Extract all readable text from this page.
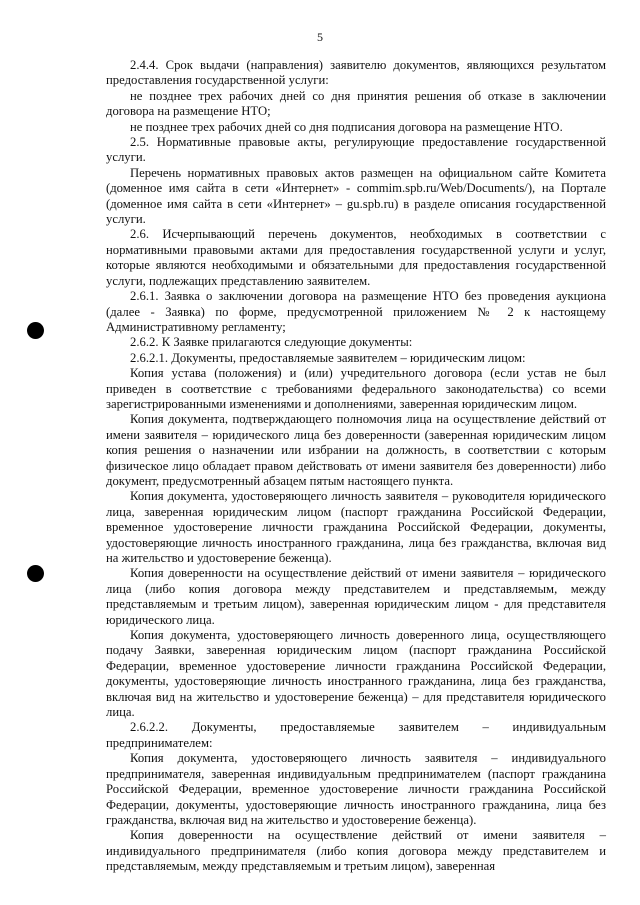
5

2.4.4. Срок выдачи (направления) заявителю документов, являющихся результатом предоставления государственной услуги:

не позднее трех рабочих дней со дня принятия решения об отказе в заключении договора на размещение НТО;

не позднее трех рабочих дней со дня подписания договора на размещение НТО.

2.5. Нормативные правовые акты, регулирующие предоставление государственной услуги.

Перечень нормативных правовых актов размещен на официальном сайте Комитета (доменное имя сайта в сети «Интернет» - commim.spb.ru/Web/Documents/), на Портале (доменное имя сайта в сети «Интернет» – gu.spb.ru) в разделе описания государственной услуги.

2.6. Исчерпывающий перечень документов, необходимых в соответствии с нормативными правовыми актами для предоставления государственной услуги и услуг, которые являются необходимыми и обязательными для предоставления государственной услуги, подлежащих представлению заявителем.

2.6.1. Заявка о заключении договора на размещение НТО без проведения аукциона (далее - Заявка) по форме, предусмотренной приложением № 2 к настоящему Административному регламенту;

2.6.2. К Заявке прилагаются следующие документы:

2.6.2.1. Документы, предоставляемые заявителем – юридическим лицом:

Копия устава (положения) и (или) учредительного договора (если устав не был приведен в соответствие с требованиями федерального законодательства) со всеми зарегистрированными изменениями и дополнениями, заверенная юридическим лицом.

Копия документа, подтверждающего полномочия лица на осуществление действий от имени заявителя – юридического лица без доверенности (заверенная юридическим лицом копия решения о назначении или избрании на должность, в соответствии с которым физическое лицо обладает правом действовать от имени заявителя без доверенности) либо документ, предусмотренный абзацем пятым настоящего пункта.

Копия документа, удостоверяющего личность заявителя – руководителя юридического лица, заверенная юридическим лицом (паспорт гражданина Российской Федерации, временное удостоверение личности гражданина Российской Федерации, документы, удостоверяющие личность иностранного гражданина, лица без гражданства, включая вид на жительство и удостоверение беженца).

Копия доверенности на осуществление действий от имени заявителя – юридического лица (либо копия договора между представителем и представляемым, между представляемым и третьим лицом), заверенная юридическим лицом - для представителя юридического лица.

Копия документа, удостоверяющего личность доверенного лица, осуществляющего подачу Заявки, заверенная юридическим лицом (паспорт гражданина Российской Федерации, временное удостоверение личности гражданина Российской Федерации, документы, удостоверяющие личность иностранного гражданина, лица без гражданства, включая вид на жительство и удостоверение беженца) – для представителя юридического лица.

2.6.2.2. Документы, предоставляемые заявителем – индивидуальным предпринимателем:

Копия документа, удостоверяющего личность заявителя – индивидуального предпринимателя, заверенная индивидуальным предпринимателем (паспорт гражданина Российской Федерации, временное удостоверение личности гражданина Российской Федерации, документы, удостоверяющие личность иностранного гражданина, лица без гражданства, включая вид на жительство и удостоверение беженца).

Копия доверенности на осуществление действий от имени заявителя – индивидуального предпринимателя (либо копия договора между представителем и представляемым, между представляемым и третьим лицом), заверенная
